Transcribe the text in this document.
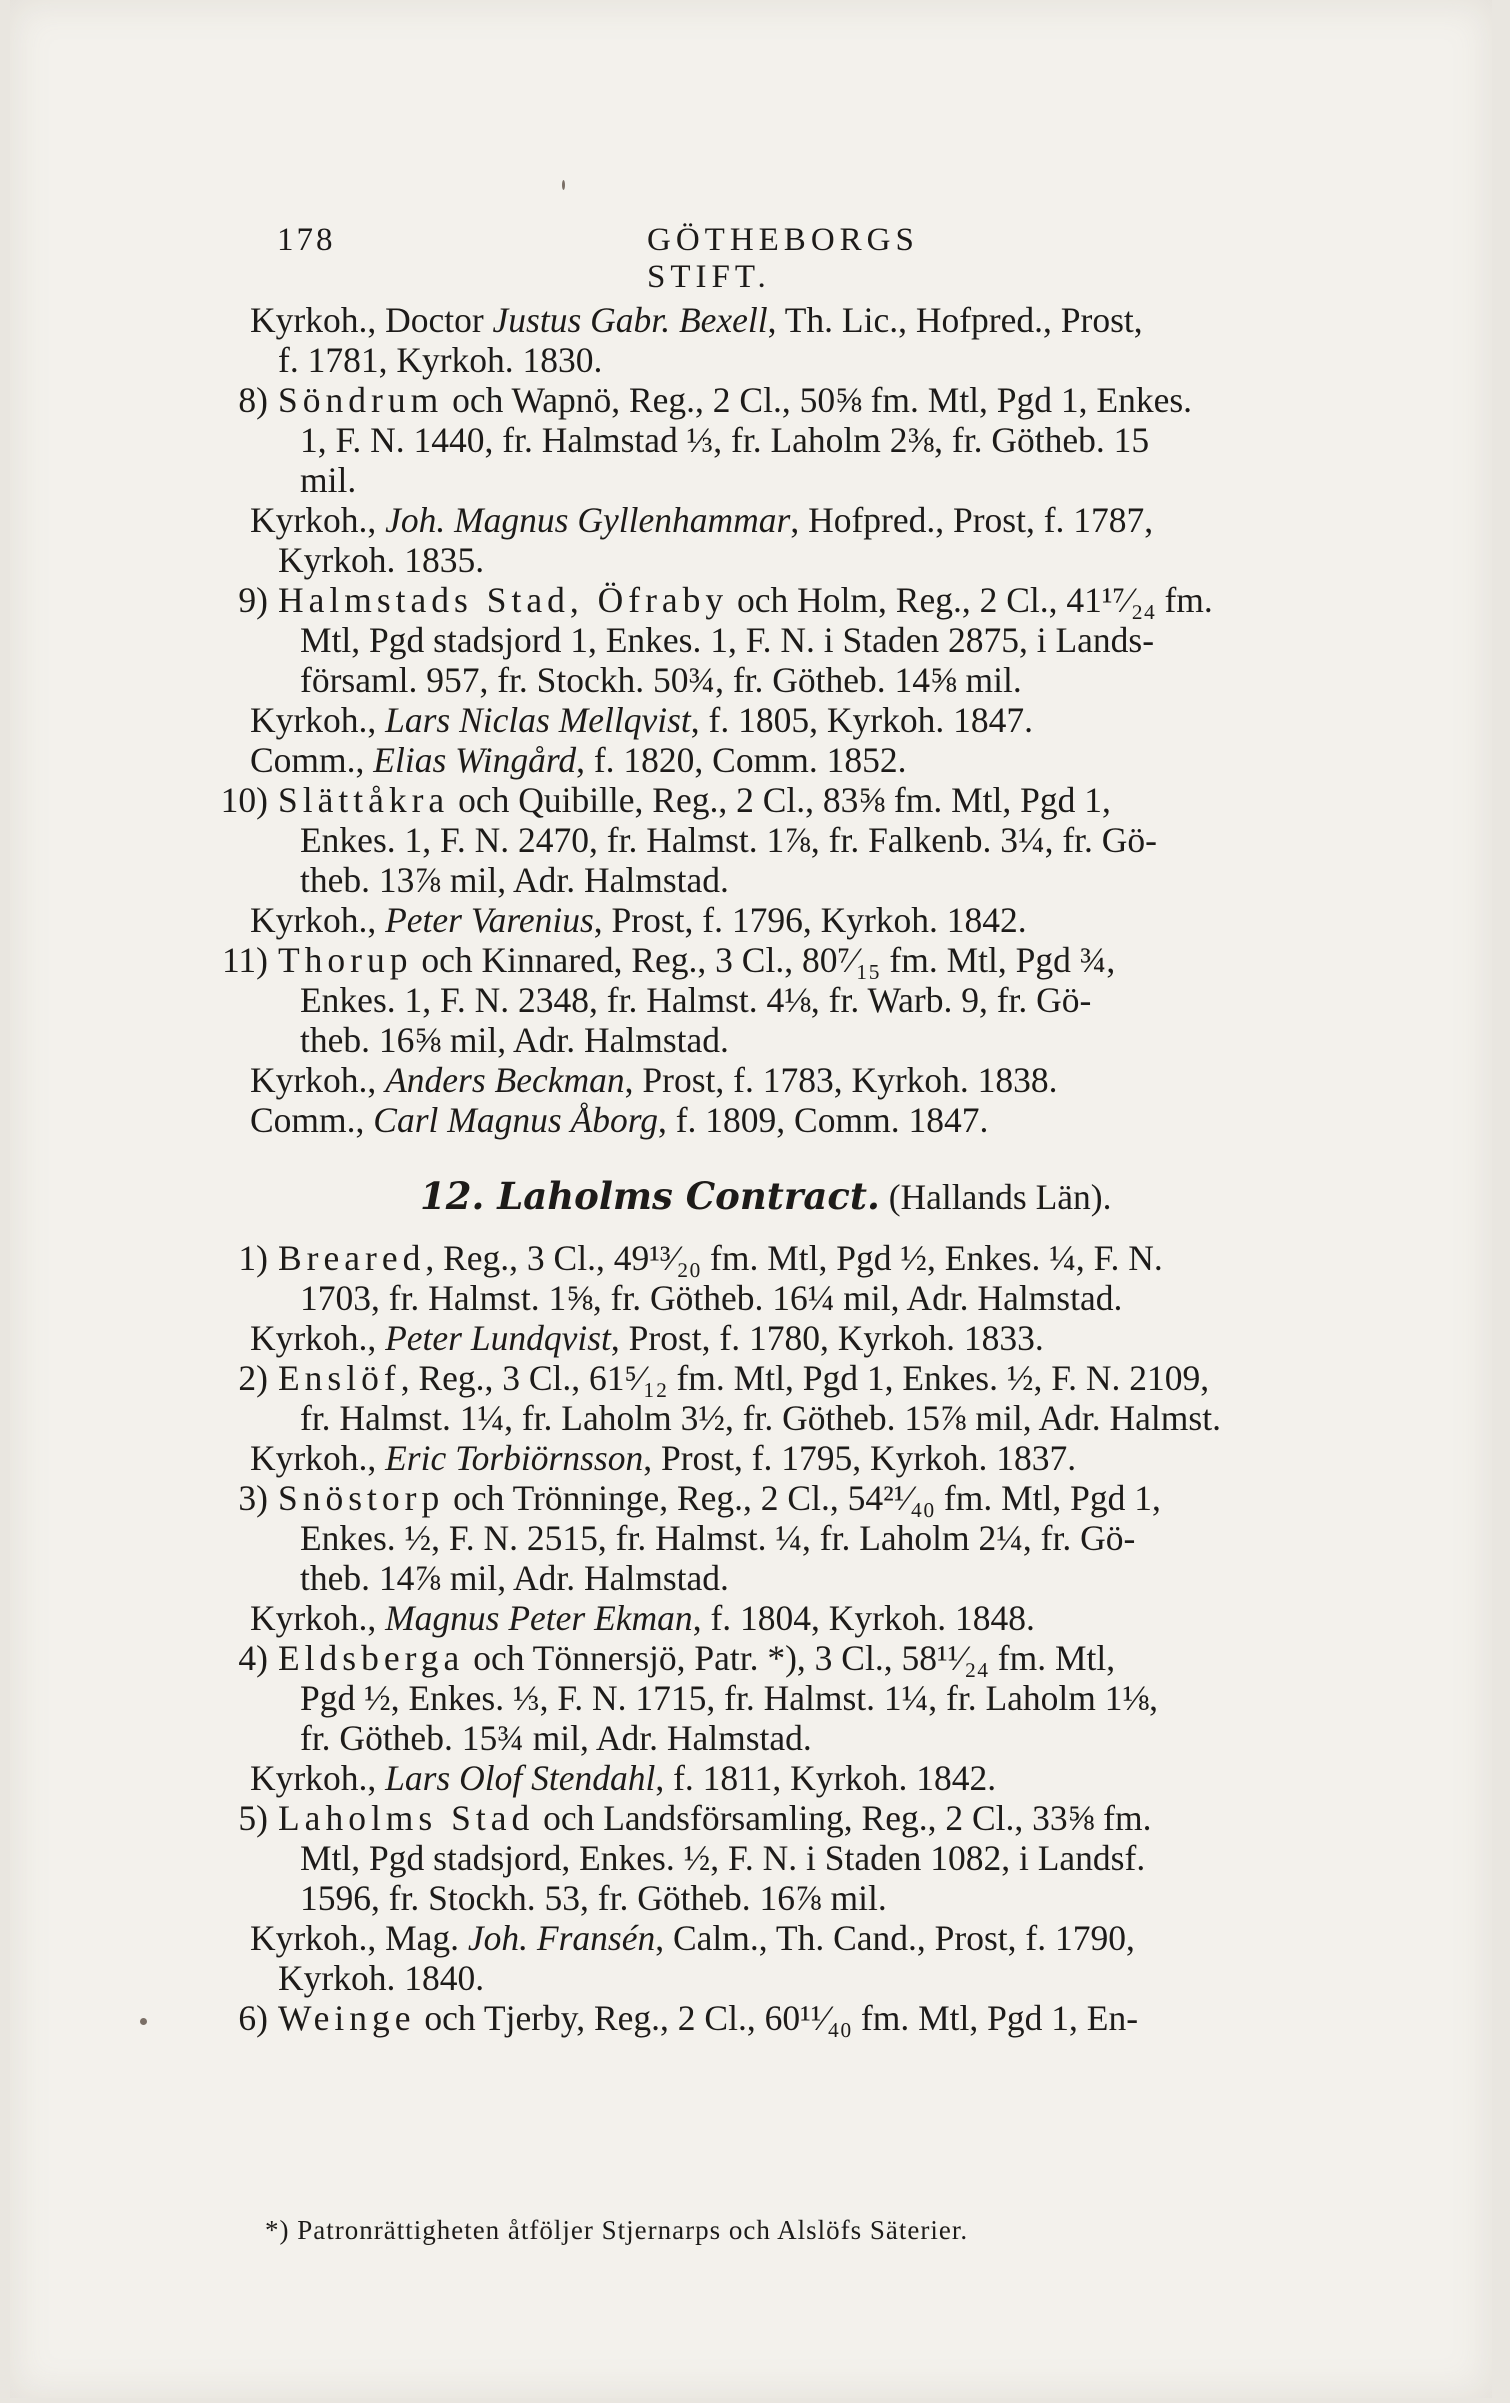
178	GÖTHEBORGS STIFT.
Kyrkoh., Doctor Justus Gabr. Bexell, Th. Lic., Hofpred., Prost,
f. 1781, Kyrkoh. 1830.
8) Söndrum och Wapnö, Reg., 2 Cl., 50⅝ fm. Mtl, Pgd 1, Enkes.
1, F. N. 1440, fr. Halmstad ⅓, fr. Laholm 2⅜, fr. Götheb. 15
mil.
Kyrkoh., Joh. Magnus Gyllenhammar, Hofpred., Prost, f. 1787,
Kyrkoh. 1835.
9) Halmstads Stad, Öfraby och Holm, Reg., 2 Cl., 41¹⁷⁄₂₄ fm.
Mtl, Pgd stadsjord 1, Enkes. 1, F. N. i Staden 2875, i Lands-
församl. 957, fr. Stockh. 50¾, fr. Götheb. 14⅝ mil.
Kyrkoh., Lars Niclas Mellqvist, f. 1805, Kyrkoh. 1847.
Comm., Elias Wingård, f. 1820, Comm. 1852.
10) Slättåkra och Quibille, Reg., 2 Cl., 83⅝ fm. Mtl, Pgd 1,
Enkes. 1, F. N. 2470, fr. Halmst. 1⅞, fr. Falkenb. 3¼, fr. Gö-
theb. 13⅞ mil, Adr. Halmstad.
Kyrkoh., Peter Varenius, Prost, f. 1796, Kyrkoh. 1842.
11) Thorup och Kinnared, Reg., 3 Cl., 80⁷⁄₁₅ fm. Mtl, Pgd ¾,
Enkes. 1, F. N. 2348, fr. Halmst. 4⅛, fr. Warb. 9, fr. Gö-
theb. 16⅝ mil, Adr. Halmstad.
Kyrkoh., Anders Beckman, Prost, f. 1783, Kyrkoh. 1838.
Comm., Carl Magnus Åborg, f. 1809, Comm. 1847.
12. Laholms Contract. (Hallands Län).
1) Breared, Reg., 3 Cl., 49¹³⁄₂₀ fm. Mtl, Pgd ½, Enkes. ¼, F. N.
1703, fr. Halmst. 1⅝, fr. Götheb. 16¼ mil, Adr. Halmstad.
Kyrkoh., Peter Lundqvist, Prost, f. 1780, Kyrkoh. 1833.
2) Enslöf, Reg., 3 Cl., 61⁵⁄₁₂ fm. Mtl, Pgd 1, Enkes. ½, F. N. 2109,
fr. Halmst. 1¼, fr. Laholm 3½, fr. Götheb. 15⅞ mil, Adr. Halmst.
Kyrkoh., Eric Torbiörnsson, Prost, f. 1795, Kyrkoh. 1837.
3) Snöstorp och Trönninge, Reg., 2 Cl., 54²¹⁄₄₀ fm. Mtl, Pgd 1,
Enkes. ½, F. N. 2515, fr. Halmst. ¼, fr. Laholm 2¼, fr. Gö-
theb. 14⅞ mil, Adr. Halmstad.
Kyrkoh., Magnus Peter Ekman, f. 1804, Kyrkoh. 1848.
4) Eldsberga och Tönnersjö, Patr. *), 3 Cl., 58¹¹⁄₂₄ fm. Mtl,
Pgd ½, Enkes. ⅓, F. N. 1715, fr. Halmst. 1¼, fr. Laholm 1⅛,
fr. Götheb. 15¾ mil, Adr. Halmstad.
Kyrkoh., Lars Olof Stendahl, f. 1811, Kyrkoh. 1842.
5) Laholms Stad och Landsförsamling, Reg., 2 Cl., 33⅝ fm.
Mtl, Pgd stadsjord, Enkes. ½, F. N. i Staden 1082, i Landsf.
1596, fr. Stockh. 53, fr. Götheb. 16⅞ mil.
Kyrkoh., Mag. Joh. Fransén, Calm., Th. Cand., Prost, f. 1790,
Kyrkoh. 1840.
6) Weinge och Tjerby, Reg., 2 Cl., 60¹¹⁄₄₀ fm. Mtl, Pgd 1, En-
*) Patronrättigheten åtföljer Stjernarps och Alslöfs Säterier.
